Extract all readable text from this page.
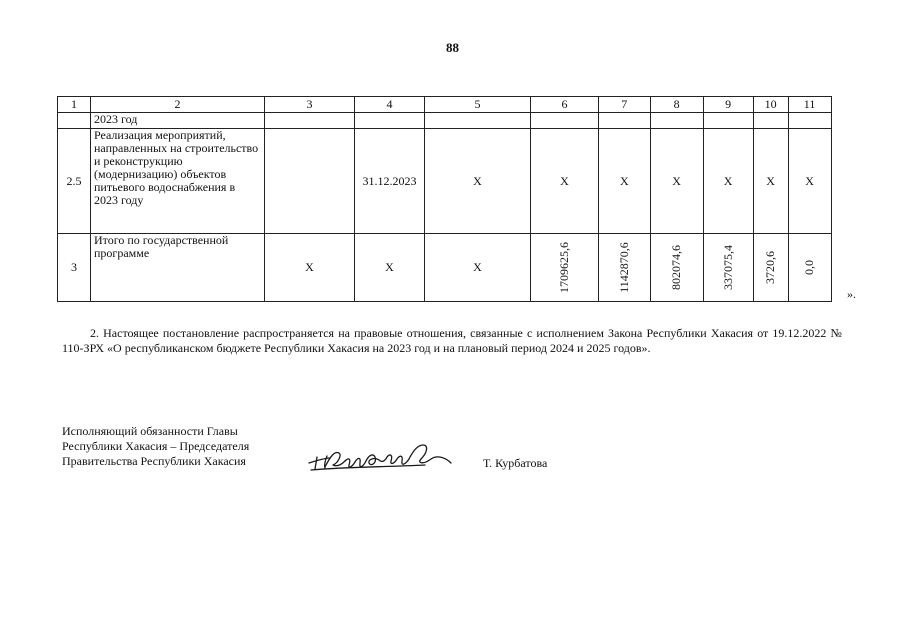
88
1	2	3	4	5	6	7	8	9	10	11
	2023 год									
2.5	Реализация мероприятий, направленных на строительство и реконструкцию (модернизацию) объектов питьевого водоснабжения в 2023 году		31.12.2023	X	X	X	X	X	X	X
3	Итого по государственной программе	X	X	X	1709625,6	1142870,6	802074,6	337075,4	3720,6	0,0
».
2. Настоящее постановление распространяется на правовые отношения, связанные с исполнением Закона Республики Хакасия от 19.12.2022 № 110-ЗРХ «О республиканском бюджете Республики Хакасия на 2023 год и на плановый период 2024 и 2025 годов».
Исполняющий обязанности Главы
Республики Хакасия – Председателя
Правительства Республики Хакасия	Т. Курбатова
